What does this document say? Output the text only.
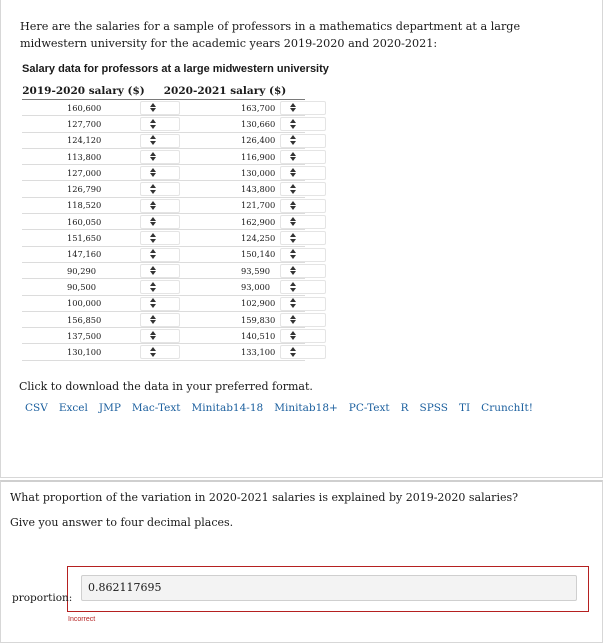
Here are the salaries for a sample of professors in a mathematics department at a large midwestern university for the academic years 2019-2020 and 2020-2021:
Salary data for professors at a large midwestern university
2019-2020 salary ($)	2020-2021 salary ($)
160,600	163,700
127,700	130,660
124,120	126,400
113,800	116,900
127,000	130,000
126,790	143,800
118,520	121,700
160,050	162,900
151,650	124,250
147,160	150,140
90,290	93,590
90,500	93,000
100,000	102,900
156,850	159,830
137,500	140,510
130,100	133,100
Click to download the data in your preferred format.
CSV Excel JMP Mac-Text Minitab14-18 Minitab18+ PC-Text R SPSS TI CrunchIt!
What proportion of the variation in 2020-2021 salaries is explained by 2019-2020 salaries?
Give you answer to four decimal places.
proportion:
0.862117695
Incorrect
